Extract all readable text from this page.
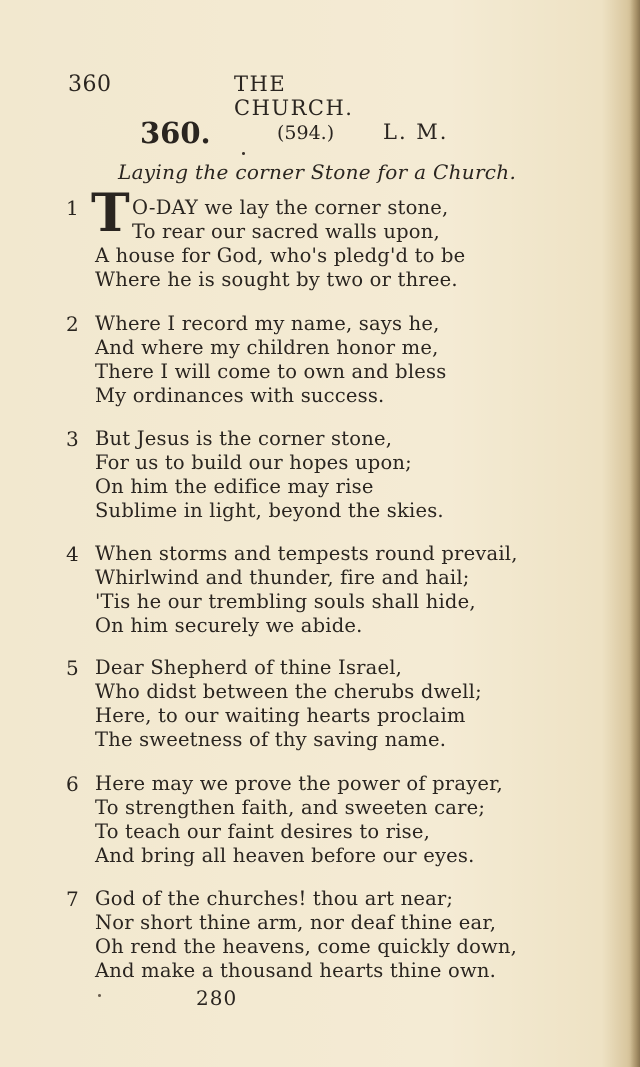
360	THE CHURCH.
360.	(594.) L. M.
Laying the corner Stone for a Church.
1 T O-DAY we lay the corner stone,
To rear our sacred walls upon,
A house for God, who's pledg'd to be
Where he is sought by two or three.
2 Where I record my name, says he,
And where my children honor me,
There I will come to own and bless
My ordinances with success.
3 But Jesus is the corner stone,
For us to build our hopes upon;
On him the edifice may rise
Sublime in light, beyond the skies.
4 When storms and tempests round prevail,
Whirlwind and thunder, fire and hail;
'Tis he our trembling souls shall hide,
On him securely we abide.
5 Dear Shepherd of thine Israel,
Who didst between the cherubs dwell;
Here, to our waiting hearts proclaim
The sweetness of thy saving name.
6 Here may we prove the power of prayer,
To strengthen faith, and sweeten care;
To teach our faint desires to rise,
And bring all heaven before our eyes.
7 God of the churches! thou art near;
Nor short thine arm, nor deaf thine ear,
Oh rend the heavens, come quickly down,
And make a thousand hearts thine own.
280
